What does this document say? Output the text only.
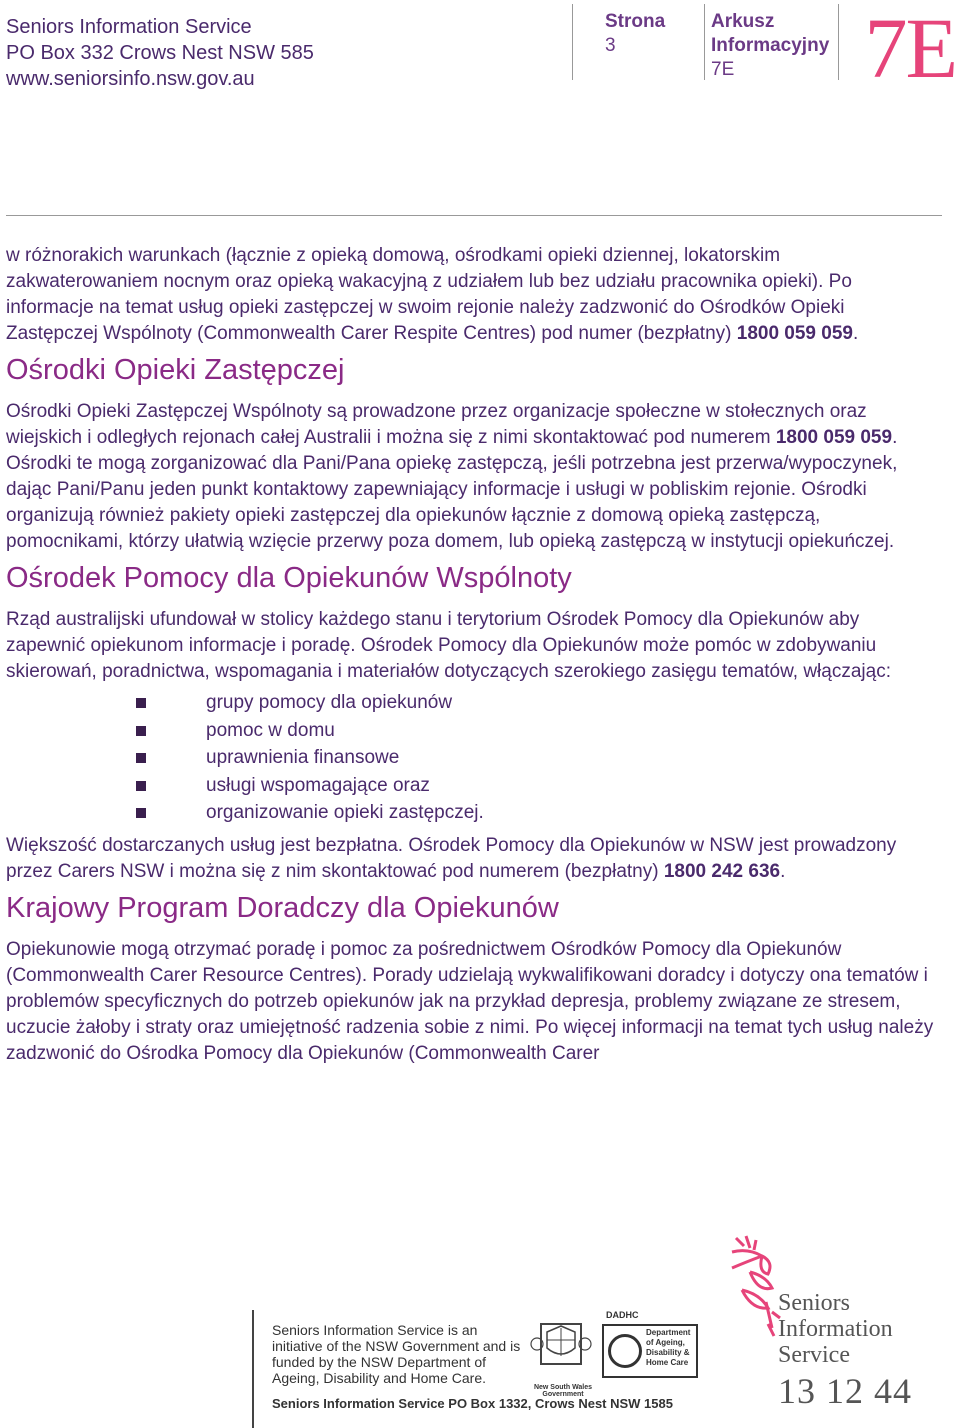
Seniors Information Service
PO Box 332 Crows Nest NSW 585
www.seniorsinfo.nsw.gov.au
Strona
3
Arkusz
Informacyjny
7E	7E

w różnorakich warunkach (łącznie z opieką domową, ośrodkami opieki dziennej, lokatorskim zakwaterowaniem nocnym oraz opieką wakacyjną z udziałem lub bez udziału pracownika opieki). Po informacje na temat usług opieki zastępczej w swoim rejonie należy zadzwonić do Ośrodków Opieki Zastępczej Wspólnoty (Commonwealth Carer Respite Centres) pod numer (bezpłatny) 1800 059 059.

Ośrodki Opieki Zastępczej

Ośrodki Opieki Zastępczej Wspólnoty są prowadzone przez organizacje społeczne w stołecznych oraz wiejskich i odległych rejonach całej Australii i można się z nimi skontaktować pod numerem 1800 059 059. Ośrodki te mogą zorganizować dla Pani/Pana opiekę zastępczą, jeśli potrzebna jest przerwa/wypoczynek, dając Pani/Panu jeden punkt kontaktowy zapewniający informacje i usługi w pobliskim rejonie. Ośrodki organizują również pakiety opieki zastępczej dla opiekunów łącznie z domową opieką zastępczą, pomocnikami, którzy ułatwią wzięcie przerwy poza domem, lub opieką zastępczą w instytucji opiekuńczej.

Ośrodek Pomocy dla Opiekunów Wspólnoty

Rząd australijski ufundował w stolicy każdego stanu i terytorium Ośrodek Pomocy dla Opiekunów aby zapewnić opiekunom informacje i poradę. Ośrodek Pomocy dla Opiekunów może pomóc w zdobywaniu skierowań, poradnictwa, wspomagania i materiałów dotyczących szerokiego zasięgu tematów, włączając:

grupy pomocy dla opiekunów
pomoc w domu
uprawnienia finansowe
usługi wspomagające oraz
organizowanie opieki zastępczej.

Większość dostarczanych usług jest bezpłatna. Ośrodek Pomocy dla Opiekunów w NSW jest prowadzony przez Carers NSW i można się z nim skontaktować pod numerem (bezpłatny) 1800 242 636.

Krajowy Program Doradczy dla Opiekunów

Opiekunowie mogą otrzymać poradę i pomoc za pośrednictwem Ośrodków Pomocy dla Opiekunów (Commonwealth Carer Resource Centres). Porady udzielają wykwalifikowani doradcy i dotyczy ona tematów i problemów specyficznych do potrzeb opiekunów jak na przykład depresja, problemy związane ze stresem, uczucie żałoby i straty oraz umiejętność radzenia sobie z nimi. Po więcej informacji na temat tych usług należy zadzwonić do Ośrodka Pomocy dla Opiekunów (Commonwealth Carer

Seniors Information Service is an initiative of the NSW Government and is funded by the NSW Department of Ageing, Disability and Home Care.
Seniors Information Service PO Box 1332, Crows Nest NSW 1585
New South Wales Government
Department of Ageing, Disability & Home Care
DADHC	Seniors
Information
Service
13 12 44
